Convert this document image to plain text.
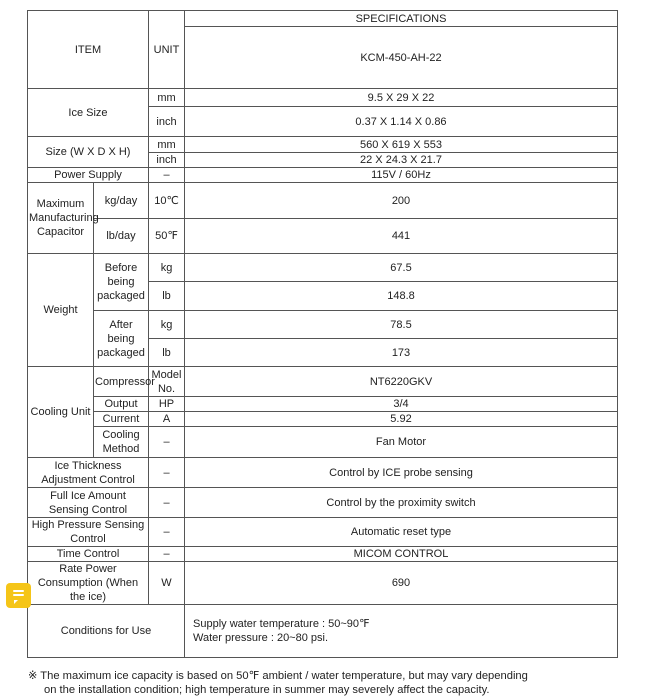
ITEM		UNIT	SPECIFICATIONS
			KCM-450-AH-22
Ice Size		mm	9.5 X 29 X 22
		inch	0.37 X 1.14 X 0.86
Size (W X D X H)		mm	560 X 619 X 553
		inch	22 X 24.3 X 21.7
Power Supply		–	115V / 60Hz
Maximum Manufacturing Capacitor	kg/day	10℃	200
	lb/day	50℉	441
Weight	Before being packaged	kg	67.5
		lb	148.8
	After being packaged	kg	78.5
		lb	173
Cooling Unit	Compressor	Model No.	NT6220GKV
	Output	HP	3/4
	Current	A	5.92
	Cooling Method	–	Fan Motor
Ice Thickness Adjustment Control		–	Control by ICE probe sensing
Full Ice Amount Sensing Control		–	Control by the proximity switch
High Pressure Sensing Control		–	Automatic reset type
Time Control		–	MICOM CONTROL
Rate Power Consumption (When the ice)		W	690
Conditions for Use			Supply water temperature : 50~90℉
Water pressure : 20~80 psi.
※ The maximum ice capacity is based on 50℉ ambient / water temperature, but may vary depending
on the installation condition; high temperature in summer may severely affect the capacity.
